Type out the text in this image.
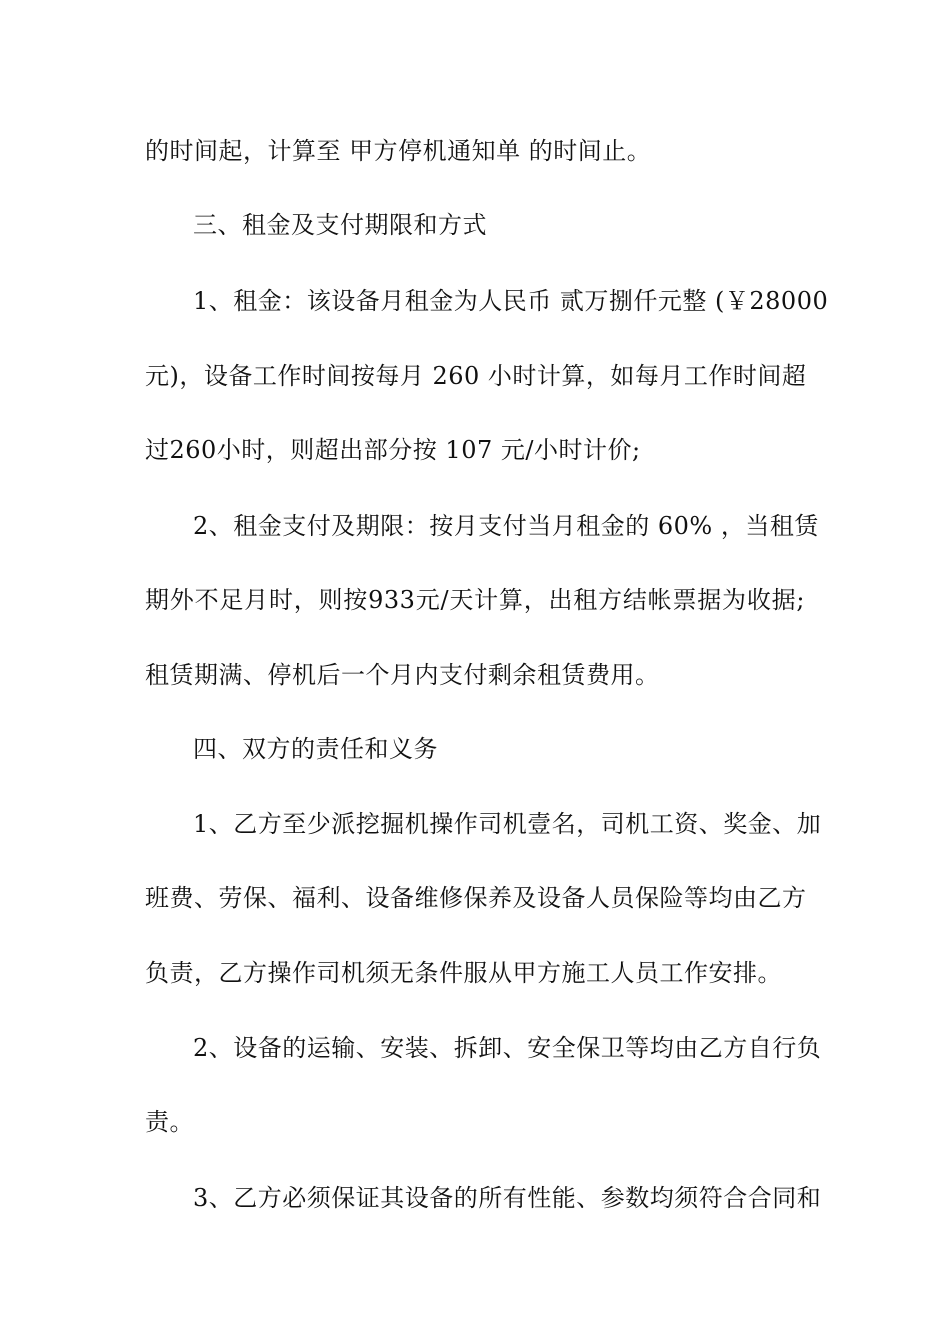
的时间起，计算至 甲方停机通知单 的时间止。
三、租金及支付期限和方式
1、租金：该设备月租金为人民币 贰万捌仟元整 (￥28000
元)，设备工作时间按每月 260 小时计算，如每月工作时间超
过260小时，则超出部分按 107 元/小时计价;
2、租金支付及期限：按月支付当月租金的 60% ，当租赁
期外不足月时，则按933元/天计算，出租方结帐票据为收据;
租赁期满、停机后一个月内支付剩余租赁费用。
四、双方的责任和义务
1、乙方至少派挖掘机操作司机壹名，司机工资、奖金、加
班费、劳保、福利、设备维修保养及设备人员保险等均由乙方
负责，乙方操作司机须无条件服从甲方施工人员工作安排。
2、设备的运输、安装、拆卸、安全保卫等均由乙方自行负
责。
3、乙方必须保证其设备的所有性能、参数均须符合合同和
